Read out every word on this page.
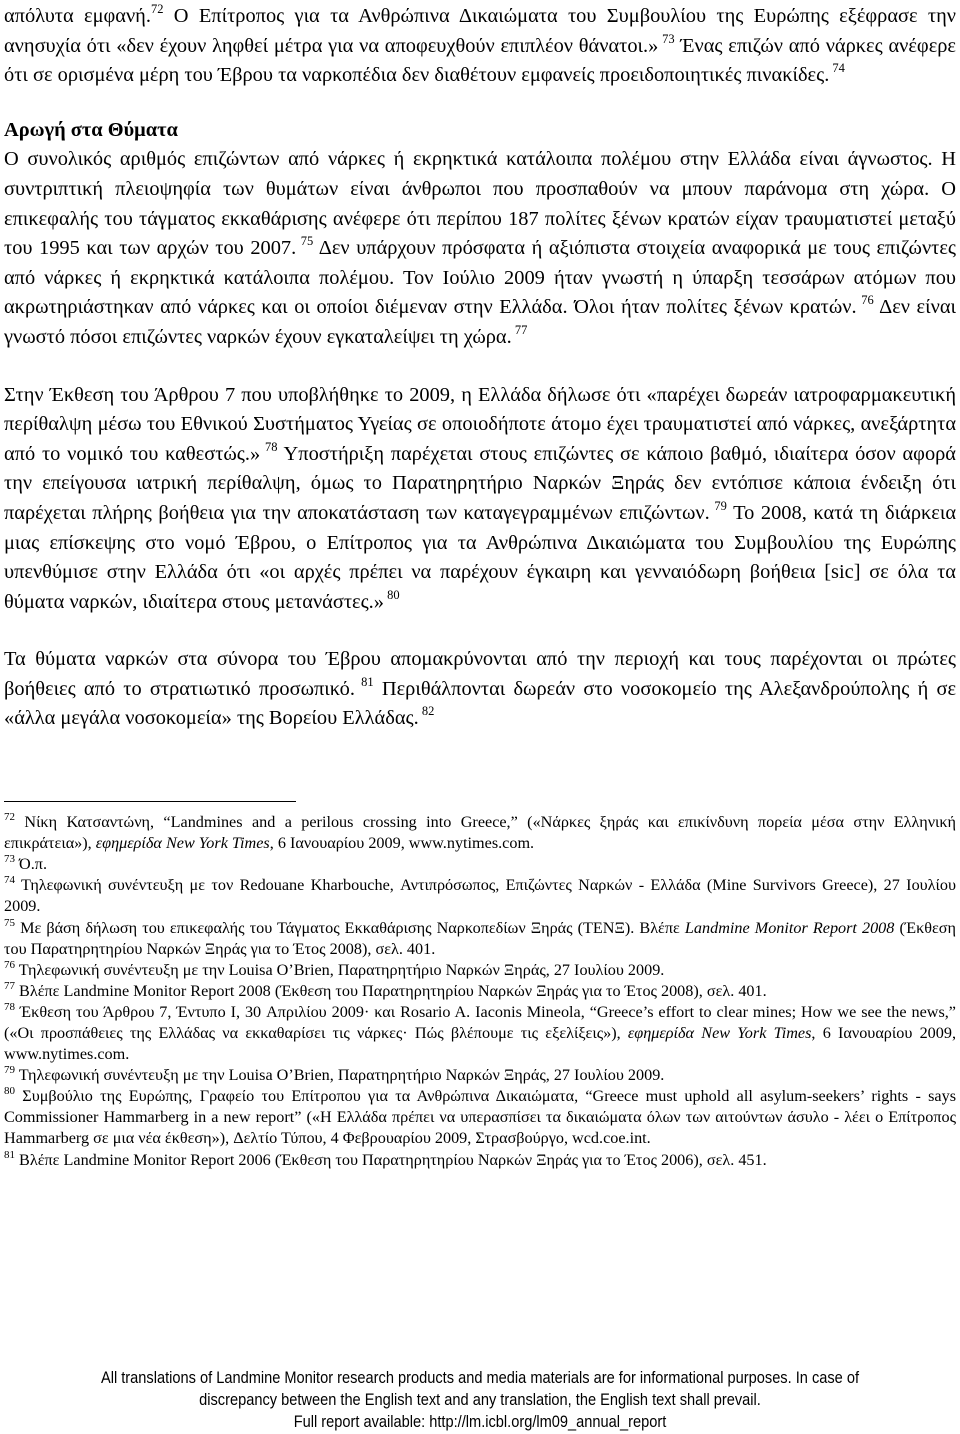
απόλυτα εμφανή.$^{72}$ Ο Επίτροπος για τα Ανθρώπινα Δικαιώματα του Συμβουλίου της Ευρώπης εξέφρασε την ανησυχία ότι «δεν έχουν ληφθεί μέτρα για να αποφευχθούν επιπλέον θάνατοι.» $^{73}$ Ένας επιζών από νάρκες ανέφερε ότι σε ορισμένα μέρη του Έβρου τα ναρκοπέδια δεν διαθέτουν εμφανείς προειδοποιητικές πινακίδες. $^{74}$

Αρωγή στα Θύματα

Ο συνολικός αριθμός επιζώντων από νάρκες ή εκρηκτικά κατάλοιπα πολέμου στην Ελλάδα είναι άγνωστος. Η συντριπτική πλειοψηφία των θυμάτων είναι άνθρωποι που προσπαθούν να μπουν παράνομα στη χώρα. Ο επικεφαλής του τάγματος εκκαθάρισης ανέφερε ότι περίπου 187 πολίτες ξένων κρατών είχαν τραυματιστεί μεταξύ του 1995 και των αρχών του 2007. $^{75}$ Δεν υπάρχουν πρόσφατα ή αξιόπιστα στοιχεία αναφορικά με τους επιζώντες από νάρκες ή εκρηκτικά κατάλοιπα πολέμου. Τον Ιούλιο 2009 ήταν γνωστή η ύπαρξη τεσσάρων ατόμων που ακρωτηριάστηκαν από νάρκες και οι οποίοι διέμεναν στην Ελλάδα. Όλοι ήταν πολίτες ξένων κρατών. $^{76}$ Δεν είναι γνωστό πόσοι επιζώντες ναρκών έχουν εγκαταλείψει τη χώρα. $^{77}$

Στην Έκθεση του Άρθρου 7 που υποβλήθηκε το 2009, η Ελλάδα δήλωσε ότι «παρέχει δωρεάν ιατροφαρμακευτική περίθαλψη μέσω του Εθνικού Συστήματος Υγείας σε οποιοδήποτε άτομο έχει τραυματιστεί από νάρκες, ανεξάρτητα από το νομικό του καθεστώς.» $^{78}$ Υποστήριξη παρέχεται στους επιζώντες σε κάποιο βαθμό, ιδιαίτερα όσον αφορά την επείγουσα ιατρική περίθαλψη, όμως το Παρατηρητήριο Ναρκών Ξηράς δεν εντόπισε κάποια ένδειξη ότι παρέχεται πλήρης βοήθεια για την αποκατάσταση των καταγεγραμμένων επιζώντων. $^{79}$ Το 2008, κατά τη διάρκεια μιας επίσκεψης στο νομό Έβρου, ο Επίτροπος για τα Ανθρώπινα Δικαιώματα του Συμβουλίου της Ευρώπης υπενθύμισε στην Ελλάδα ότι «οι αρχές πρέπει να παρέχουν έγκαιρη και γενναιόδωρη βοήθεια [sic] σε όλα τα θύματα ναρκών, ιδιαίτερα στους μετανάστες.» $^{80}$

Τα θύματα ναρκών στα σύνορα του Έβρου απομακρύνονται από την περιοχή και τους παρέχονται οι πρώτες βοήθειες από το στρατιωτικό προσωπικό. $^{81}$ Περιθάλπονται δωρεάν στο νοσοκομείο της Αλεξανδρούπολης ή σε «άλλα μεγάλα νοσοκομεία» της Βορείου Ελλάδας. $^{82}$

$^{72}$ Νίκη Κατσαντώνη, “Landmines and a perilous crossing into Greece,” («Νάρκες ξηράς και επικίνδυνη πορεία μέσα στην Ελληνική επικράτεια»), εφημερίδα New York Times, 6 Ιανουαρίου 2009, www.nytimes.com.

$^{73}$ Ό.π.

$^{74}$ Τηλεφωνική συνέντευξη με τον Redouane Kharbouche, Αντιπρόσωπος, Επιζώντες Ναρκών - Ελλάδα (Mine Survivors Greece), 27 Ιουλίου 2009.

$^{75}$ Με βάση δήλωση του επικεφαλής του Τάγματος Εκκαθάρισης Ναρκοπεδίων Ξηράς (ΤΕΝΞ). Βλέπε Landmine Monitor Report 2008 (Έκθεση του Παρατηρητηρίου Ναρκών Ξηράς για το Έτος 2008), σελ. 401.

$^{76}$ Τηλεφωνική συνέντευξη με την Louisa O’Brien, Παρατηρητήριο Ναρκών Ξηράς, 27 Ιουλίου 2009.

$^{77}$ Βλέπε Landmine Monitor Report 2008 (Έκθεση του Παρατηρητηρίου Ναρκών Ξηράς για το Έτος 2008), σελ. 401.

$^{78}$ Έκθεση του Άρθρου 7, Έντυπο I, 30 Απριλίου 2009· και Rosario A. Iaconis Mineola, “Greece’s effort to clear mines; How we see the news,” («Οι προσπάθειες της Ελλάδας να εκκαθαρίσει τις νάρκες· Πώς βλέπουμε τις εξελίξεις»), εφημερίδα New York Times, 6 Ιανουαρίου 2009, www.nytimes.com.

$^{79}$ Τηλεφωνική συνέντευξη με την Louisa O’Brien, Παρατηρητήριο Ναρκών Ξηράς, 27 Ιουλίου 2009.

$^{80}$ Συμβούλιο της Ευρώπης, Γραφείο του Επίτροπου για τα Ανθρώπινα Δικαιώματα, “Greece must uphold all asylum-seekers’ rights - says Commissioner Hammarberg in a new report” («Η Ελλάδα πρέπει να υπερασπίσει τα δικαιώματα όλων των αιτούντων άσυλο - λέει ο Επίτροπος Hammarberg σε μια νέα έκθεση»), Δελτίο Τύπου, 4 Φεβρουαρίου 2009, Στρασβούργο, wcd.coe.int.

$^{81}$ Βλέπε Landmine Monitor Report 2006 (Έκθεση του Παρατηρητηρίου Ναρκών Ξηράς για το Έτος 2006), σελ. 451.

All translations of Landmine Monitor research products and media materials are for informational purposes. In case of
discrepancy between the English text and any translation, the English text shall prevail.
Full report available: http://lm.icbl.org/lm09_annual_report
